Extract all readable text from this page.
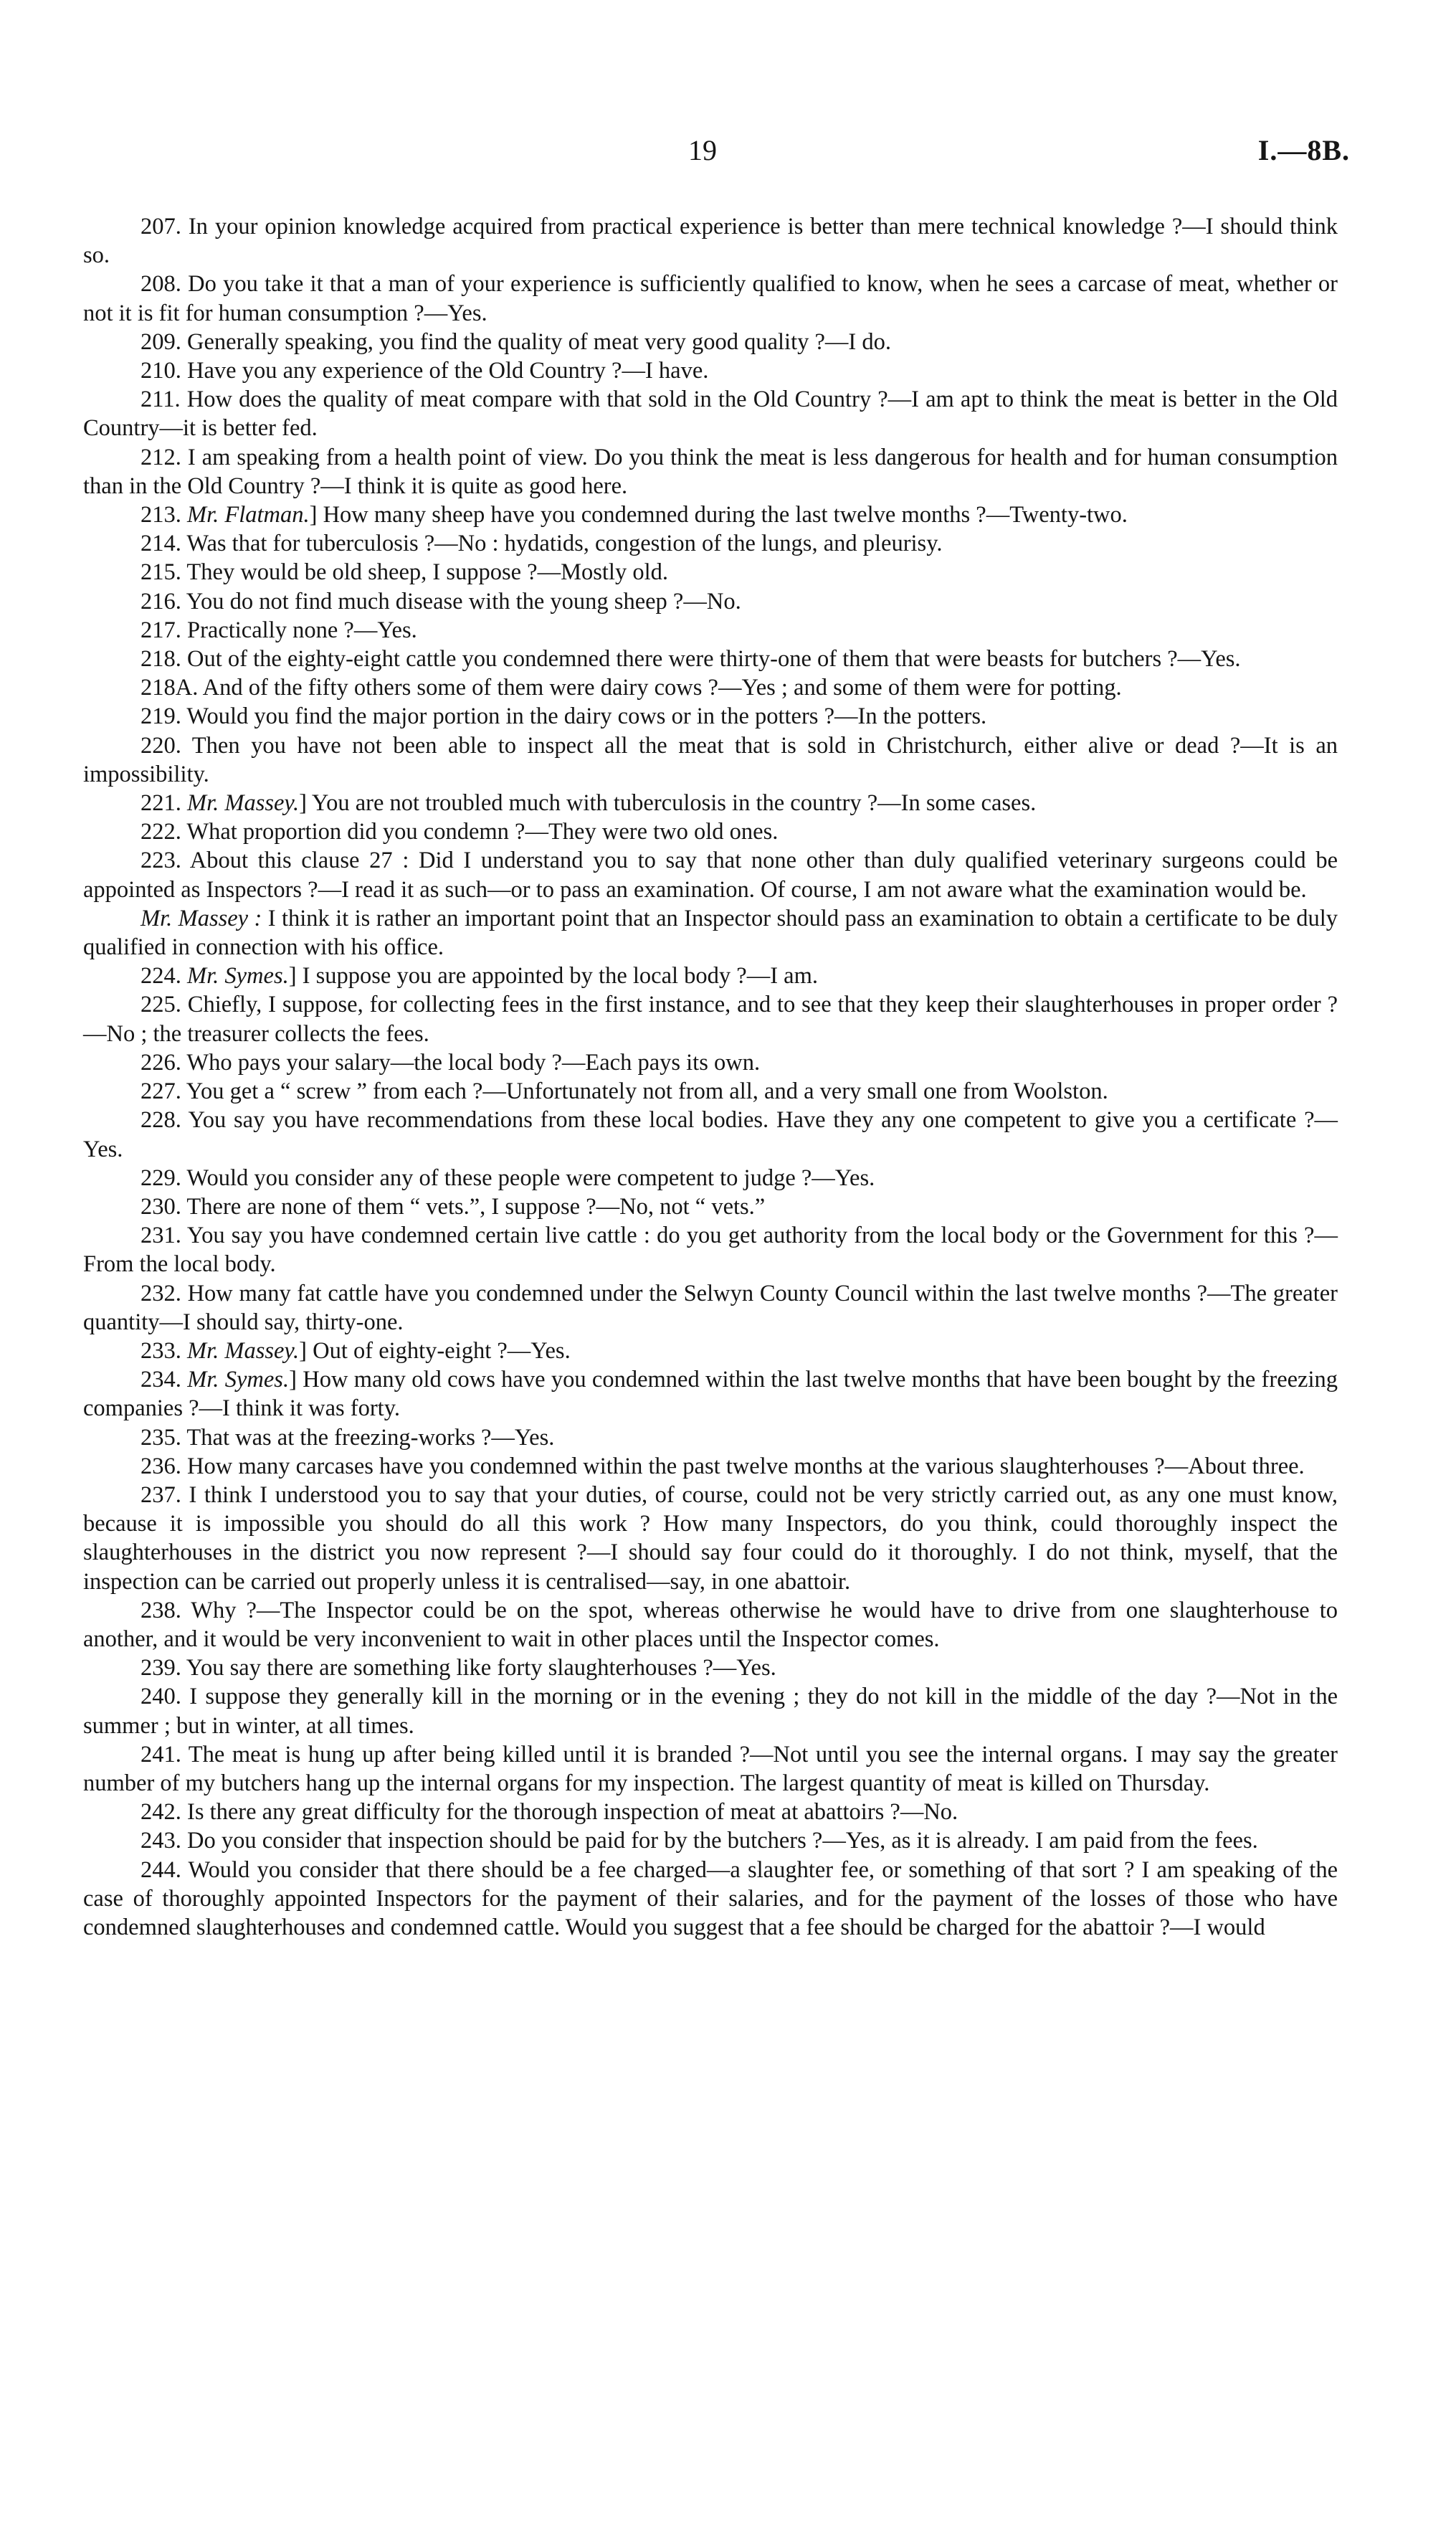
19	I.—8B.

207. In your opinion knowledge acquired from practical experience is better than mere technical knowledge ?—I should think so.

208. Do you take it that a man of your experience is sufficiently qualified to know, when he sees a carcase of meat, whether or not it is fit for human consumption ?—Yes.

209. Generally speaking, you find the quality of meat very good quality ?—I do.

210. Have you any experience of the Old Country ?—I have.

211. How does the quality of meat compare with that sold in the Old Country ?—I am apt to think the meat is better in the Old Country—it is better fed.

212. I am speaking from a health point of view. Do you think the meat is less dangerous for health and for human consumption than in the Old Country ?—I think it is quite as good here.

213. Mr. Flatman.] How many sheep have you condemned during the last twelve months ?—Twenty-two.

214. Was that for tuberculosis ?—No : hydatids, congestion of the lungs, and pleurisy.

215. They would be old sheep, I suppose ?—Mostly old.

216. You do not find much disease with the young sheep ?—No.

217. Practically none ?—Yes.

218. Out of the eighty-eight cattle you condemned there were thirty-one of them that were beasts for butchers ?—Yes.

218A. And of the fifty others some of them were dairy cows ?—Yes ; and some of them were for potting.

219. Would you find the major portion in the dairy cows or in the potters ?—In the potters.

220. Then you have not been able to inspect all the meat that is sold in Christchurch, either alive or dead ?—It is an impossibility.

221. Mr. Massey.] You are not troubled much with tuberculosis in the country ?—In some cases.

222. What proportion did you condemn ?—They were two old ones.

223. About this clause 27 : Did I understand you to say that none other than duly qualified veterinary surgeons could be appointed as Inspectors ?—I read it as such—or to pass an examination. Of course, I am not aware what the examination would be.

Mr. Massey : I think it is rather an important point that an Inspector should pass an examination to obtain a certificate to be duly qualified in connection with his office.

224. Mr. Symes.] I suppose you are appointed by the local body ?—I am.

225. Chiefly, I suppose, for collecting fees in the first instance, and to see that they keep their slaughterhouses in proper order ?—No ; the treasurer collects the fees.

226. Who pays your salary—the local body ?—Each pays its own.

227. You get a “ screw ” from each ?—Unfortunately not from all, and a very small one from Woolston.

228. You say you have recommendations from these local bodies. Have they any one competent to give you a certificate ?—Yes.

229. Would you consider any of these people were competent to judge ?—Yes.

230. There are none of them “ vets.”, I suppose ?—No, not “ vets.”

231. You say you have condemned certain live cattle : do you get authority from the local body or the Government for this ?—From the local body.

232. How many fat cattle have you condemned under the Selwyn County Council within the last twelve months ?—The greater quantity—I should say, thirty-one.

233. Mr. Massey.] Out of eighty-eight ?—Yes.

234. Mr. Symes.] How many old cows have you condemned within the last twelve months that have been bought by the freezing companies ?—I think it was forty.

235. That was at the freezing-works ?—Yes.

236. How many carcases have you condemned within the past twelve months at the various slaughterhouses ?—About three.

237. I think I understood you to say that your duties, of course, could not be very strictly carried out, as any one must know, because it is impossible you should do all this work ? How many Inspectors, do you think, could thoroughly inspect the slaughterhouses in the district you now represent ?—I should say four could do it thoroughly. I do not think, myself, that the inspection can be carried out properly unless it is centralised—say, in one abattoir.

238. Why ?—The Inspector could be on the spot, whereas otherwise he would have to drive from one slaughterhouse to another, and it would be very inconvenient to wait in other places until the Inspector comes.

239. You say there are something like forty slaughterhouses ?—Yes.

240. I suppose they generally kill in the morning or in the evening ; they do not kill in the middle of the day ?—Not in the summer ; but in winter, at all times.

241. The meat is hung up after being killed until it is branded ?—Not until you see the internal organs. I may say the greater number of my butchers hang up the internal organs for my inspection. The largest quantity of meat is killed on Thursday.

242. Is there any great difficulty for the thorough inspection of meat at abattoirs ?—No.

243. Do you consider that inspection should be paid for by the butchers ?—Yes, as it is already. I am paid from the fees.

244. Would you consider that there should be a fee charged—a slaughter fee, or something of that sort ? I am speaking of the case of thoroughly appointed Inspectors for the payment of their salaries, and for the payment of the losses of those who have condemned slaughterhouses and condemned cattle. Would you suggest that a fee should be charged for the abattoir ?—I would
